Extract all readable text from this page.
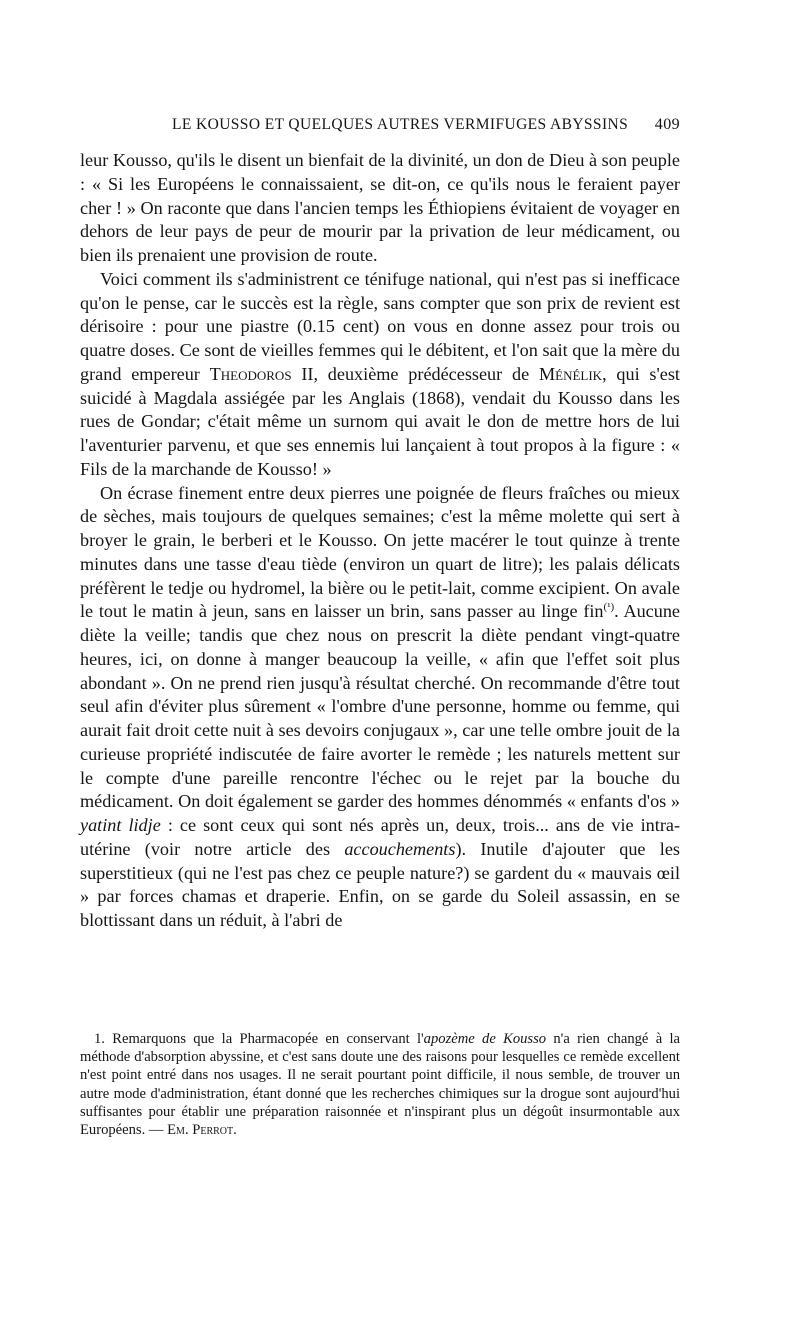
LE KOUSSO ET QUELQUES AUTRES VERMIFUGES ABYSSINS 409

leur Kousso, qu'ils le disent un bienfait de la divinité, un don de Dieu à son peuple : « Si les Européens le connaissaient, se dit-on, ce qu'ils nous le feraient payer cher ! » On raconte que dans l'ancien temps les Éthiopiens évitaient de voyager en dehors de leur pays de peur de mourir par la privation de leur médicament, ou bien ils prenaient une provision de route.

Voici comment ils s'administrent ce ténifuge national, qui n'est pas si inefficace qu'on le pense, car le succès est la règle, sans compter que son prix de revient est dérisoire : pour une piastre (0.15 cent) on vous en donne assez pour trois ou quatre doses. Ce sont de vieilles femmes qui le débitent, et l'on sait que la mère du grand empereur Theodoros II, deuxième prédécesseur de Ménélik, qui s'est suicidé à Magdala assiégée par les Anglais (1868), vendait du Kousso dans les rues de Gondar; c'était même un surnom qui avait le don de mettre hors de lui l'aventurier parvenu, et que ses ennemis lui lançaient à tout propos à la figure : « Fils de la marchande de Kousso! »

On écrase finement entre deux pierres une poignée de fleurs fraîches ou mieux de sèches, mais toujours de quelques semaines; c'est la même molette qui sert à broyer le grain, le berberi et le Kousso. On jette macérer le tout quinze à trente minutes dans une tasse d'eau tiède (environ un quart de litre); les palais délicats préfèrent le tedje ou hydromel, la bière ou le petit-lait, comme excipient. On avale le tout le matin à jeun, sans en laisser un brin, sans passer au linge fin$^{(^1)}$. Aucune diète la veille; tandis que chez nous on prescrit la diète pendant vingt-quatre heures, ici, on donne à manger beaucoup la veille, « afin que l'effet soit plus abondant ». On ne prend rien jusqu'à résultat cherché. On recommande d'être tout seul afin d'éviter plus sûrement « l'ombre d'une personne, homme ou femme, qui aurait fait droit cette nuit à ses devoirs conjugaux », car une telle ombre jouit de la curieuse propriété indiscutée de faire avorter le remède ; les naturels mettent sur le compte d'une pareille rencontre l'échec ou le rejet par la bouche du médicament. On doit également se garder des hommes dénommés « enfants d'os » yatint lidje : ce sont ceux qui sont nés après un, deux, trois... ans de vie intra-utérine (voir notre article des accouchements). Inutile d'ajouter que les superstitieux (qui ne l'est pas chez ce peuple nature?) se gardent du « mauvais œil » par forces chamas et draperie. Enfin, on se garde du Soleil assassin, en se blottissant dans un réduit, à l'abri de

1. Remarquons que la Pharmacopée en conservant l'apozème de Kousso n'a rien changé à la méthode d'absorption abyssine, et c'est sans doute une des raisons pour lesquelles ce remède excellent n'est point entré dans nos usages. Il ne serait pourtant point difficile, il nous semble, de trouver un autre mode d'administration, étant donné que les recherches chimiques sur la drogue sont aujourd'hui suffisantes pour établir une préparation raisonnée et n'inspirant plus un dégoût insurmontable aux Européens. — Em. Perrot.
